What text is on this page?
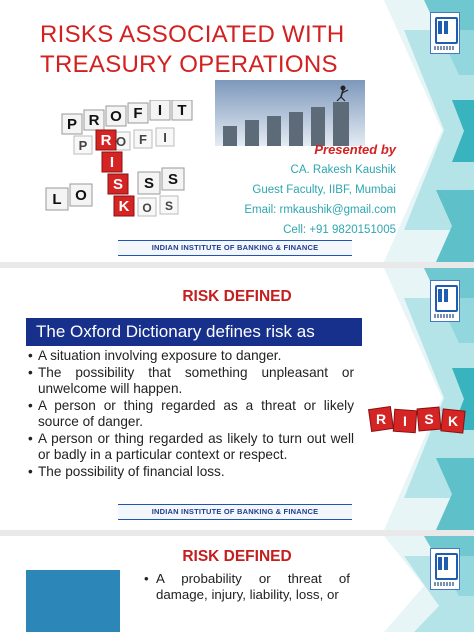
RISKS ASSOCIATED WITH
TREASURY OPERATIONS
P R O F I T
P O F I
R
I
S
K
L O
S S
O S
Presented by
CA. Rakesh Kaushik
Guest Faculty, IIBF, Mumbai
Email: rmkaushik@gmail.com
Cell: +91 9820151005
INDIAN INSTITUTE OF BANKING & FINANCE
RISK DEFINED
The Oxford Dictionary defines risk as
• A situation involving exposure to danger.
• The possibility that something unpleasant or unwelcome will happen.
• A person or thing regarded as a threat or likely source of danger.
• A person or thing regarded as likely to turn out well or badly in a particular context or respect.
• The possibility of financial loss.
R I S K
INDIAN INSTITUTE OF BANKING & FINANCE
RISK DEFINED
• A probability or threat of damage, injury, liability, loss, or
